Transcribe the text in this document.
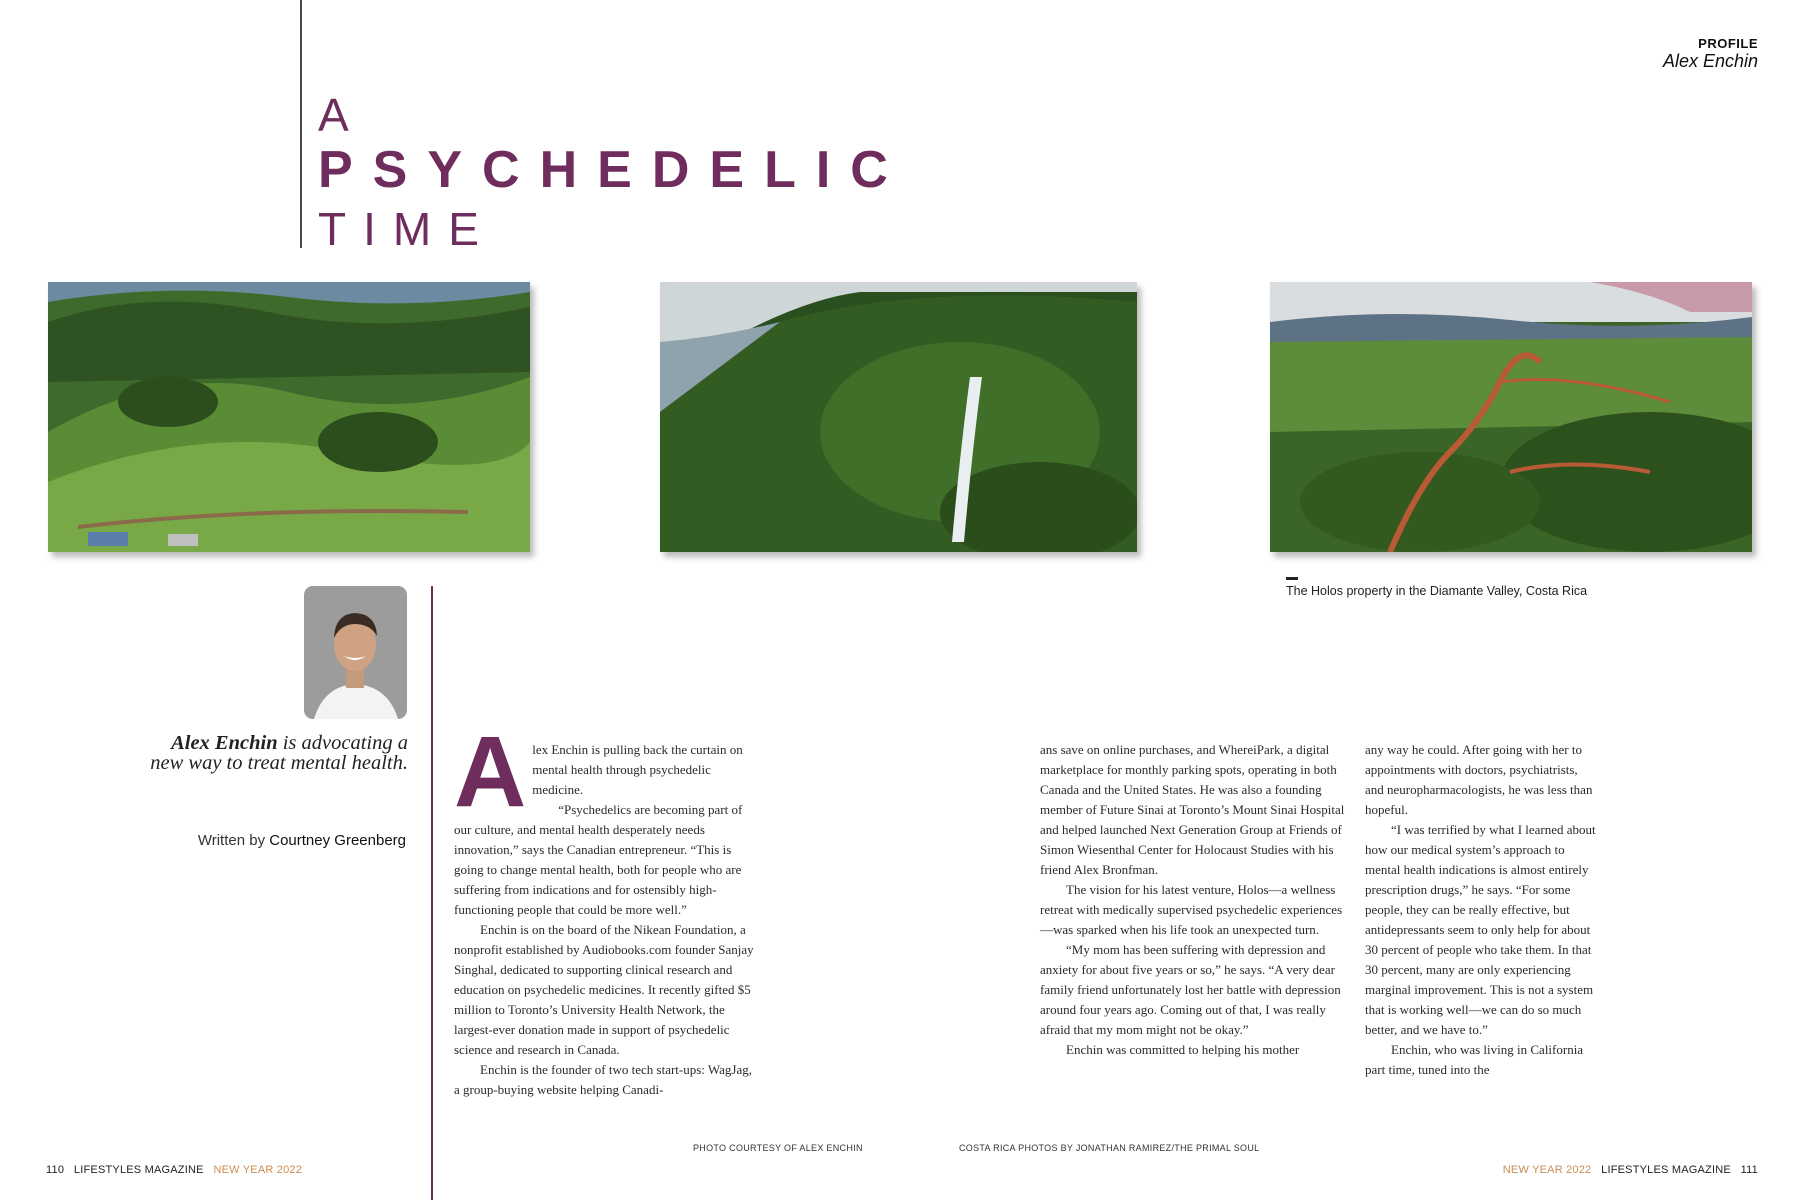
A
PSYCHEDELIC
TIME
PROFILE
Alex Enchin
The Holos property in the Diamante Valley, Costa Rica
Alex Enchin is advocating a new way to treat mental health.
Written by Courtney Greenberg

Alex Enchin is pulling back the curtain on mental health through psychedelic medicine.

“Psychedelics are becoming part of our culture, and mental health desperately needs innovation,” says the Canadian entrepreneur. “This is going to change mental health, both for people who are suffering from indications and for ostensibly high-functioning people that could be more well.”

Enchin is on the board of the Nikean Foundation, a nonprofit established by Audiobooks.com founder Sanjay Singhal, dedicated to supporting clinical research and education on psychedelic medicines. It recently gifted $5 million to Toronto’s University Health Network, the largest-ever donation made in support of psychedelic science and research in Canada.

Enchin is the founder of two tech start-ups: WagJag, a group-buying website helping Canadi-

ans save on online purchases, and WhereiPark, a digital marketplace for monthly parking spots, operating in both Canada and the United States. He was also a founding member of Future Sinai at Toronto’s Mount Sinai Hospital and helped launched Next Generation Group at Friends of Simon Wiesenthal Center for Holocaust Studies with his friend Alex Bronfman.

The vision for his latest venture, Holos—a wellness retreat with medically supervised psychedelic experiences—was sparked when his life took an unexpected turn.

“My mom has been suffering with depression and anxiety for about five years or so,” he says. “A very dear family friend unfortunately lost her battle with depression around four years ago. Coming out of that, I was really afraid that my mom might not be okay.”

Enchin was committed to helping his mother

any way he could. After going with her to appointments with doctors, psychiatrists, and neuropharmacologists, he was less than hopeful.

“I was terrified by what I learned about how our medical system’s approach to mental health indications is almost entirely prescription drugs,” he says. “For some people, they can be really effective, but antidepressants seem to only help for about 30 percent of people who take them. In that 30 percent, many are only experiencing marginal improvement. This is not a system that is working well—we can do so much better, and we have to.”

Enchin, who was living in California part time, tuned into the

PHOTO COURTESY OF ALEX ENCHIN	COSTA RICA PHOTOS BY JONATHAN RAMIREZ/THE PRIMAL SOUL
110 LIFESTYLES MAGAZINE NEW YEAR 2022	NEW YEAR 2022 LIFESTYLES MAGAZINE 111
